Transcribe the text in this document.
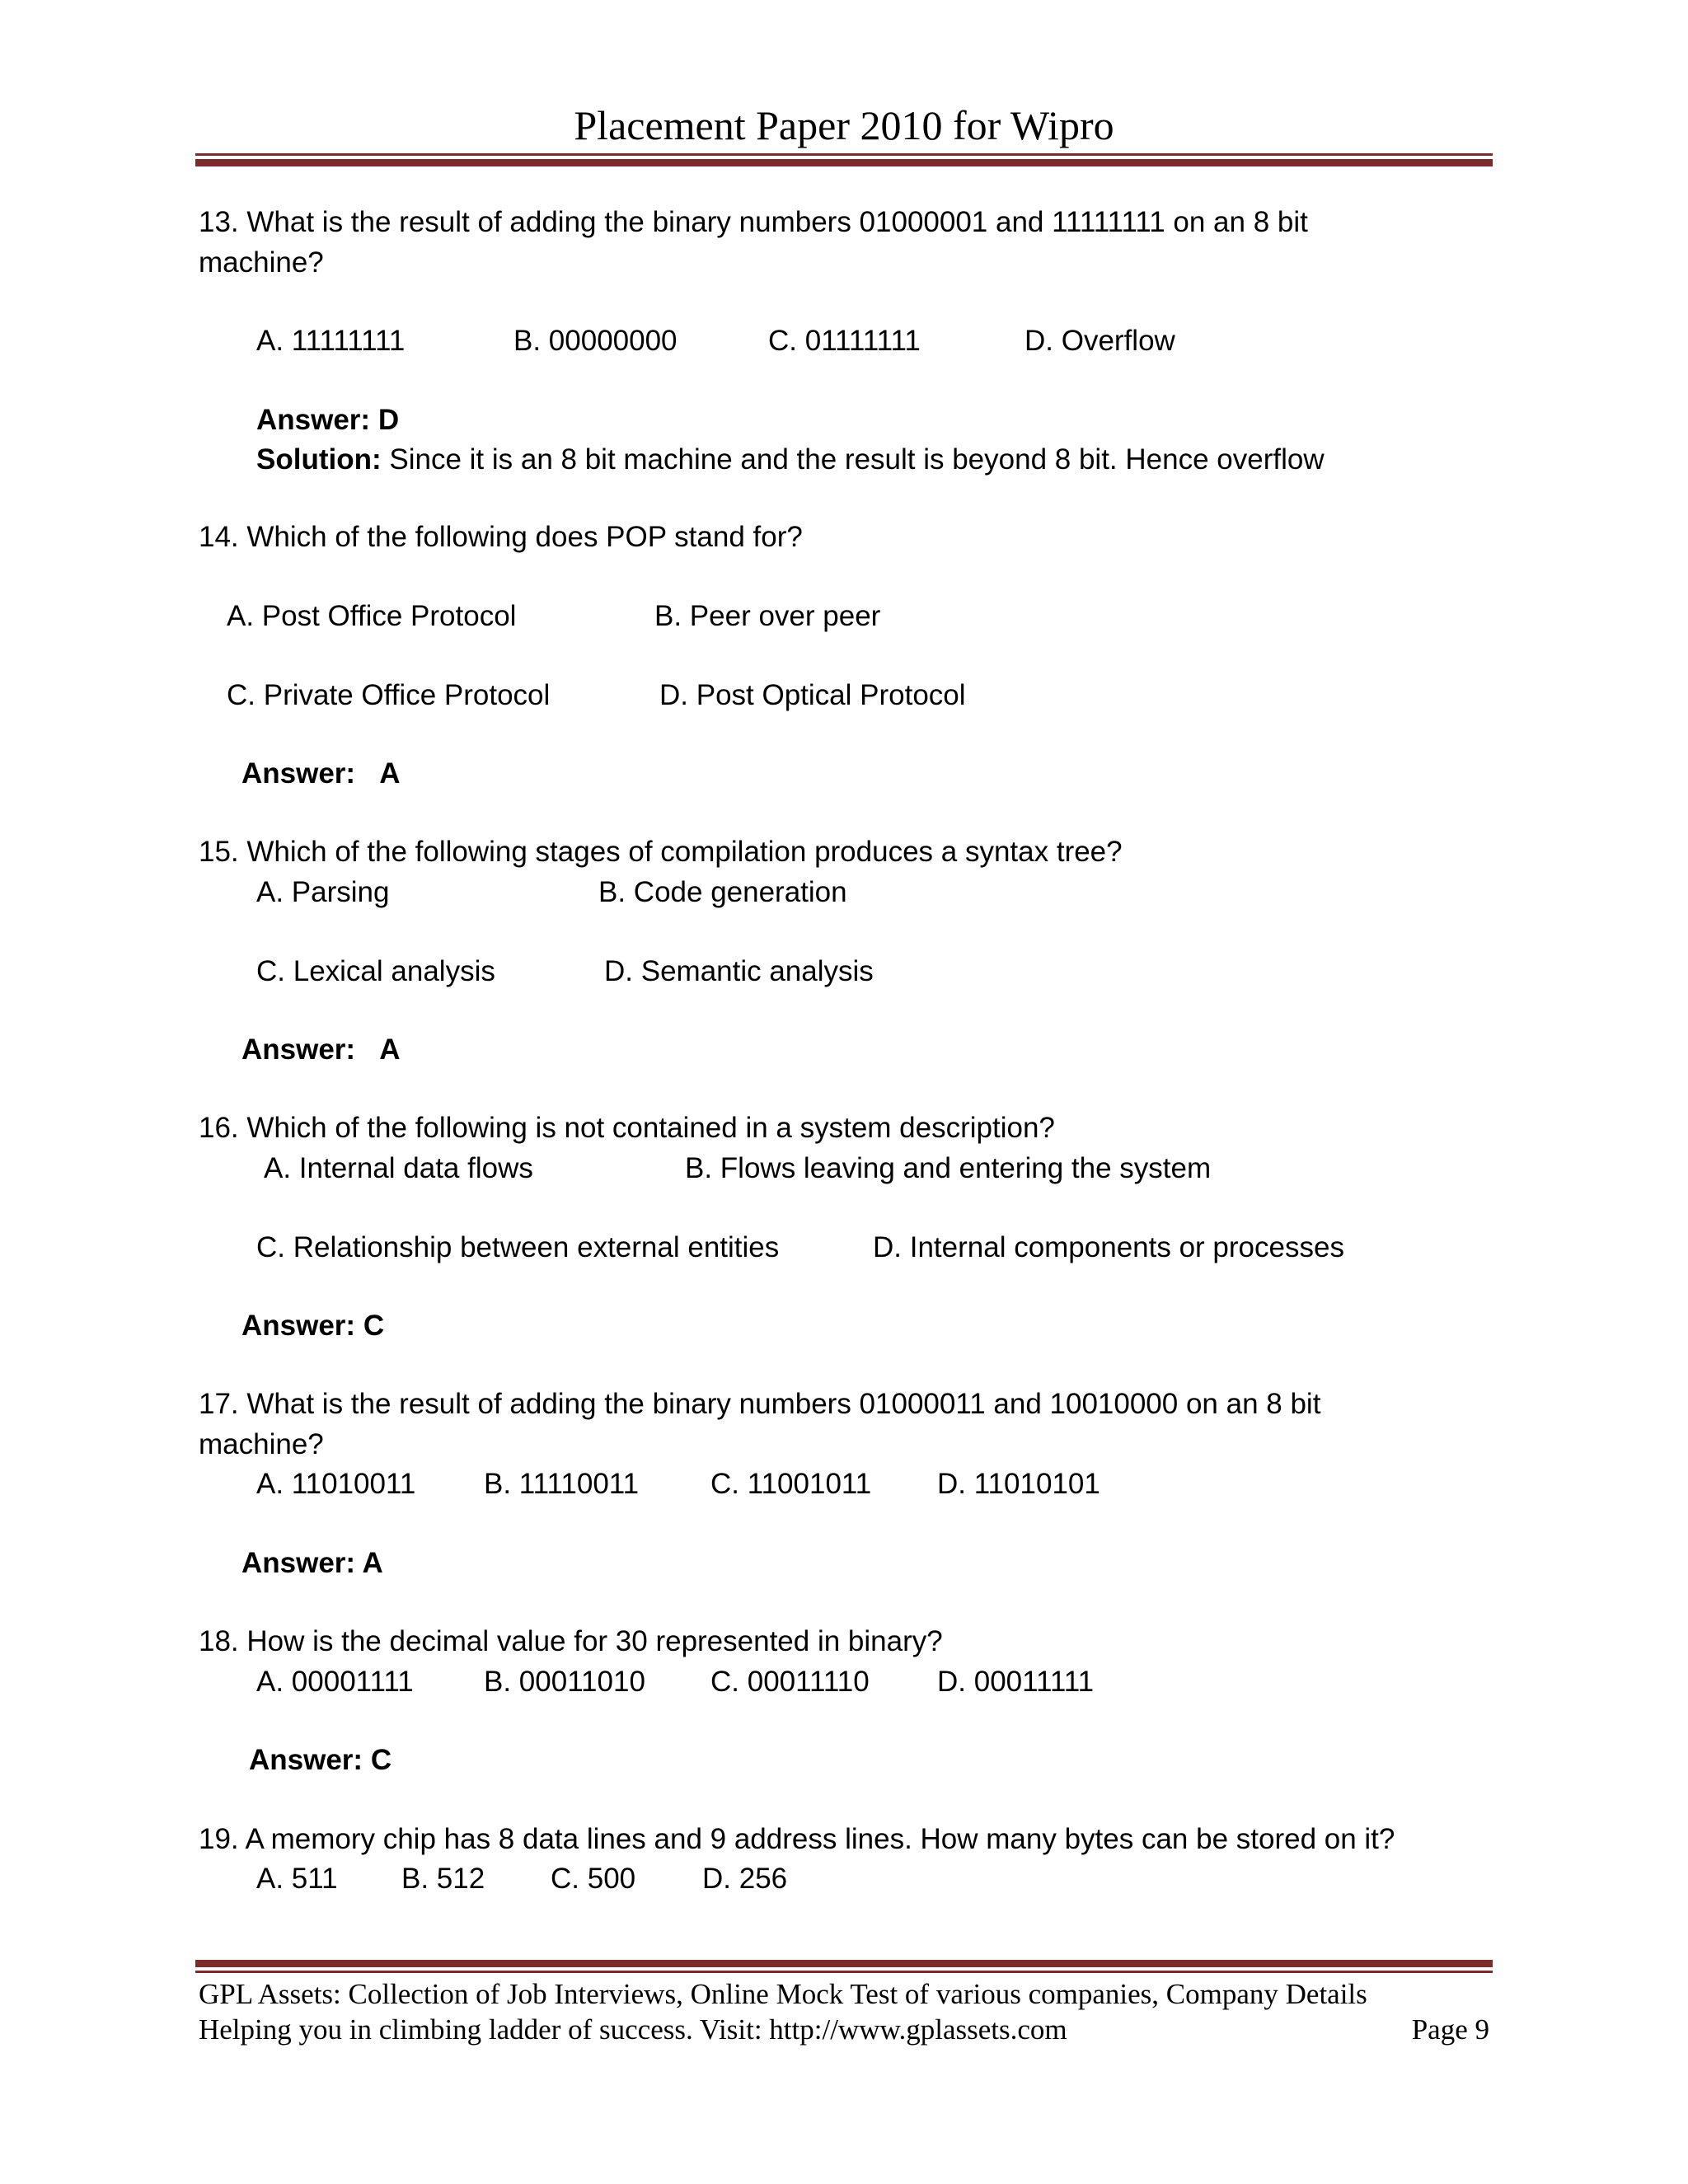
Placement Paper 2010 for Wipro
13. What is the result of adding the binary numbers 01000001 and 11111111 on an 8 bit
machine?
A. 11111111	B. 00000000	C. 01111111	D. Overflow
Answer: D
Solution: Since it is an 8 bit machine and the result is beyond 8 bit. Hence overflow
14. Which of the following does POP stand for?
A. Post Office Protocol	B. Peer over peer
C. Private Office Protocol	D. Post Optical Protocol
Answer: A
15. Which of the following stages of compilation produces a syntax tree?
A. Parsing	B. Code generation
C. Lexical analysis	D. Semantic analysis
Answer: A
16. Which of the following is not contained in a system description?
A. Internal data flows	B. Flows leaving and entering the system
C. Relationship between external entities	D. Internal components or processes
Answer: C
17. What is the result of adding the binary numbers 01000011 and 10010000 on an 8 bit
machine?
A. 11010011 B. 11110011 C. 11001011 D. 11010101
Answer: A
18. How is the decimal value for 30 represented in binary?
A. 00001111 B. 00011010 C. 00011110 D. 00011111
Answer: C
19. A memory chip has 8 data lines and 9 address lines. How many bytes can be stored on it?
A. 511 B. 512 C. 500 D. 256
GPL Assets: Collection of Job Interviews, Online Mock Test of various companies, Company Details
Helping you in climbing ladder of success. Visit: http://www.gplassets.com	Page 9
